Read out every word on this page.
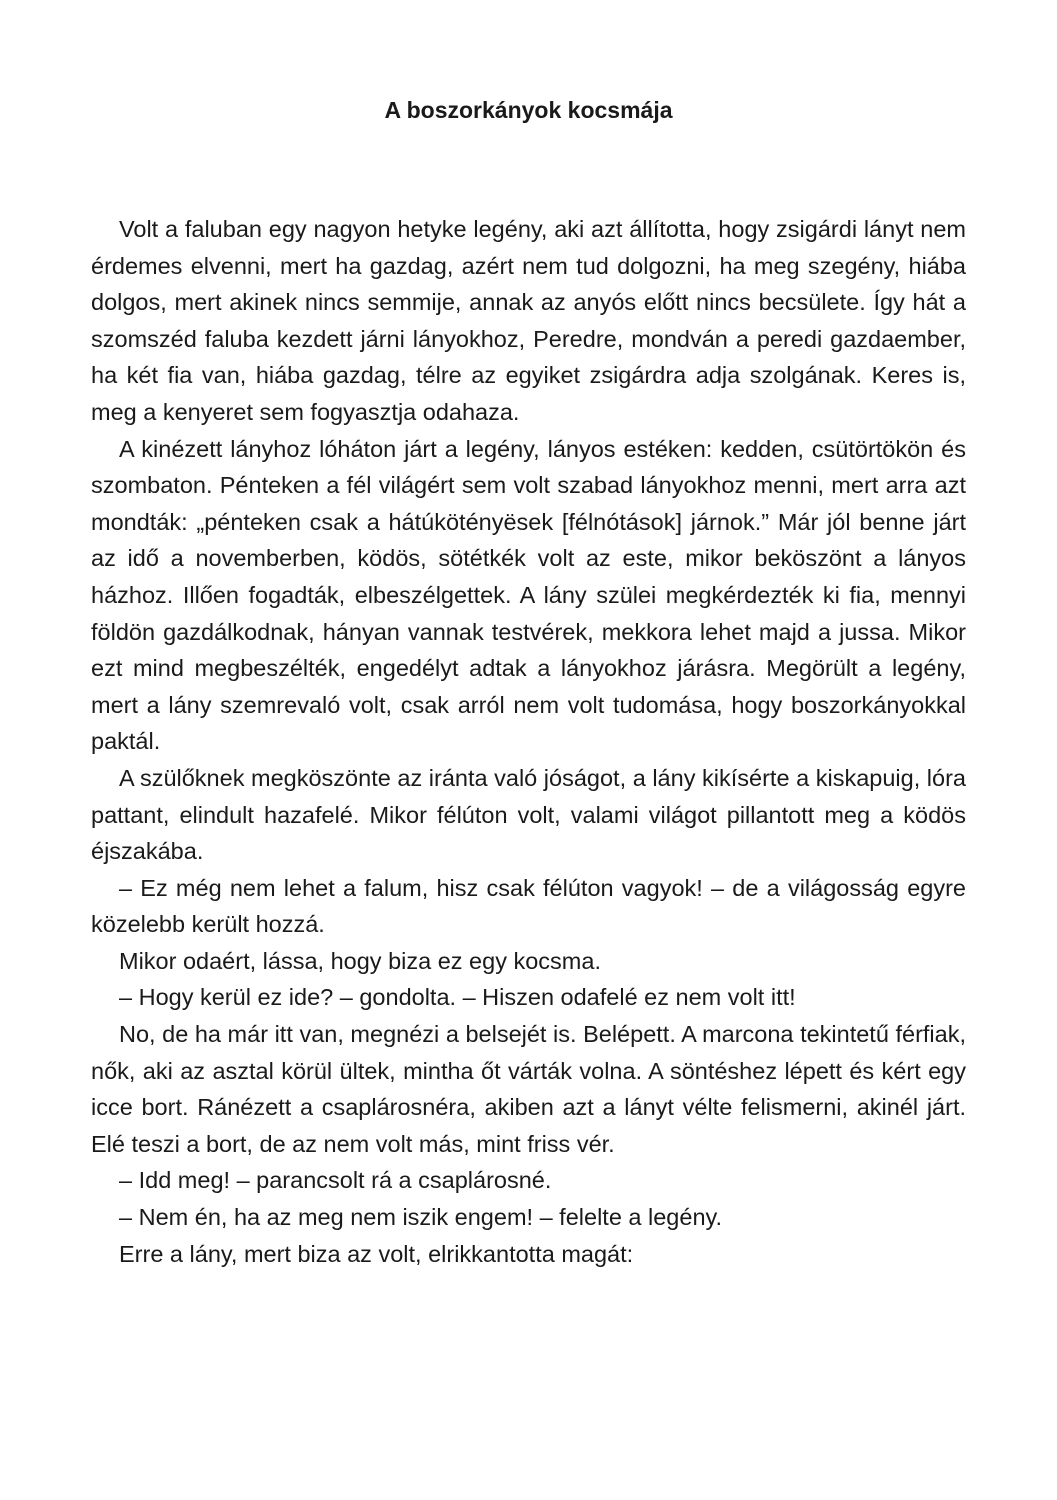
A boszorkányok kocsmája

Volt a faluban egy nagyon hetyke legény, aki azt állította, hogy zsigárdi lányt nem érdemes elvenni, mert ha gazdag, azért nem tud dolgozni, ha meg szegény, hiába dolgos, mert akinek nincs semmije, annak az anyós előtt nincs becsülete. Így hát a szomszéd faluba kezdett járni lányokhoz, Peredre, mondván a peredi gazdaember, ha két fia van, hiába gazdag, télre az egyiket zsigárdra adja szolgának. Keres is, meg a kenyeret sem fogyasztja odahaza.

A kinézett lányhoz lóháton járt a legény, lányos estéken: kedden, csütörtökön és szombaton. Pénteken a fél világért sem volt szabad lányokhoz menni, mert arra azt mondták: „pénteken csak a hátúkötényësek [félnótások] járnok.” Már jól benne járt az idő a novemberben, ködös, sötétkék volt az este, mikor beköszönt a lányos házhoz. Illően fogadták, elbeszélgettek. A lány szülei megkérdezték ki fia, mennyi földön gazdálkodnak, hányan vannak testvérek, mekkora lehet majd a jussa. Mikor ezt mind megbeszélték, engedélyt adtak a lányokhoz járásra. Megörült a legény, mert a lány szemrevaló volt, csak arról nem volt tudomása, hogy boszorkányokkal paktál.

A szülőknek megköszönte az iránta való jóságot, a lány kikísérte a kiskapuig, lóra pattant, elindult hazafelé. Mikor félúton volt, valami világot pillantott meg a ködös éjszakába.

– Ez még nem lehet a falum, hisz csak félúton vagyok! – de a világosság egyre közelebb került hozzá.

Mikor odaért, lássa, hogy biza ez egy kocsma.

– Hogy kerül ez ide? – gondolta. – Hiszen odafelé ez nem volt itt!

No, de ha már itt van, megnézi a belsejét is. Belépett. A marcona tekintetű férfiak, nők, aki az asztal körül ültek, mintha őt várták volna. A söntéshez lépett és kért egy icce bort. Ránézett a csaplárosnéra, akiben azt a lányt vélte felismerni, akinél járt. Elé teszi a bort, de az nem volt más, mint friss vér.

– Idd meg! – parancsolt rá a csaplárosné.

– Nem én, ha az meg nem iszik engem! – felelte a legény.

Erre a lány, mert biza az volt, elrikkantotta magát:
